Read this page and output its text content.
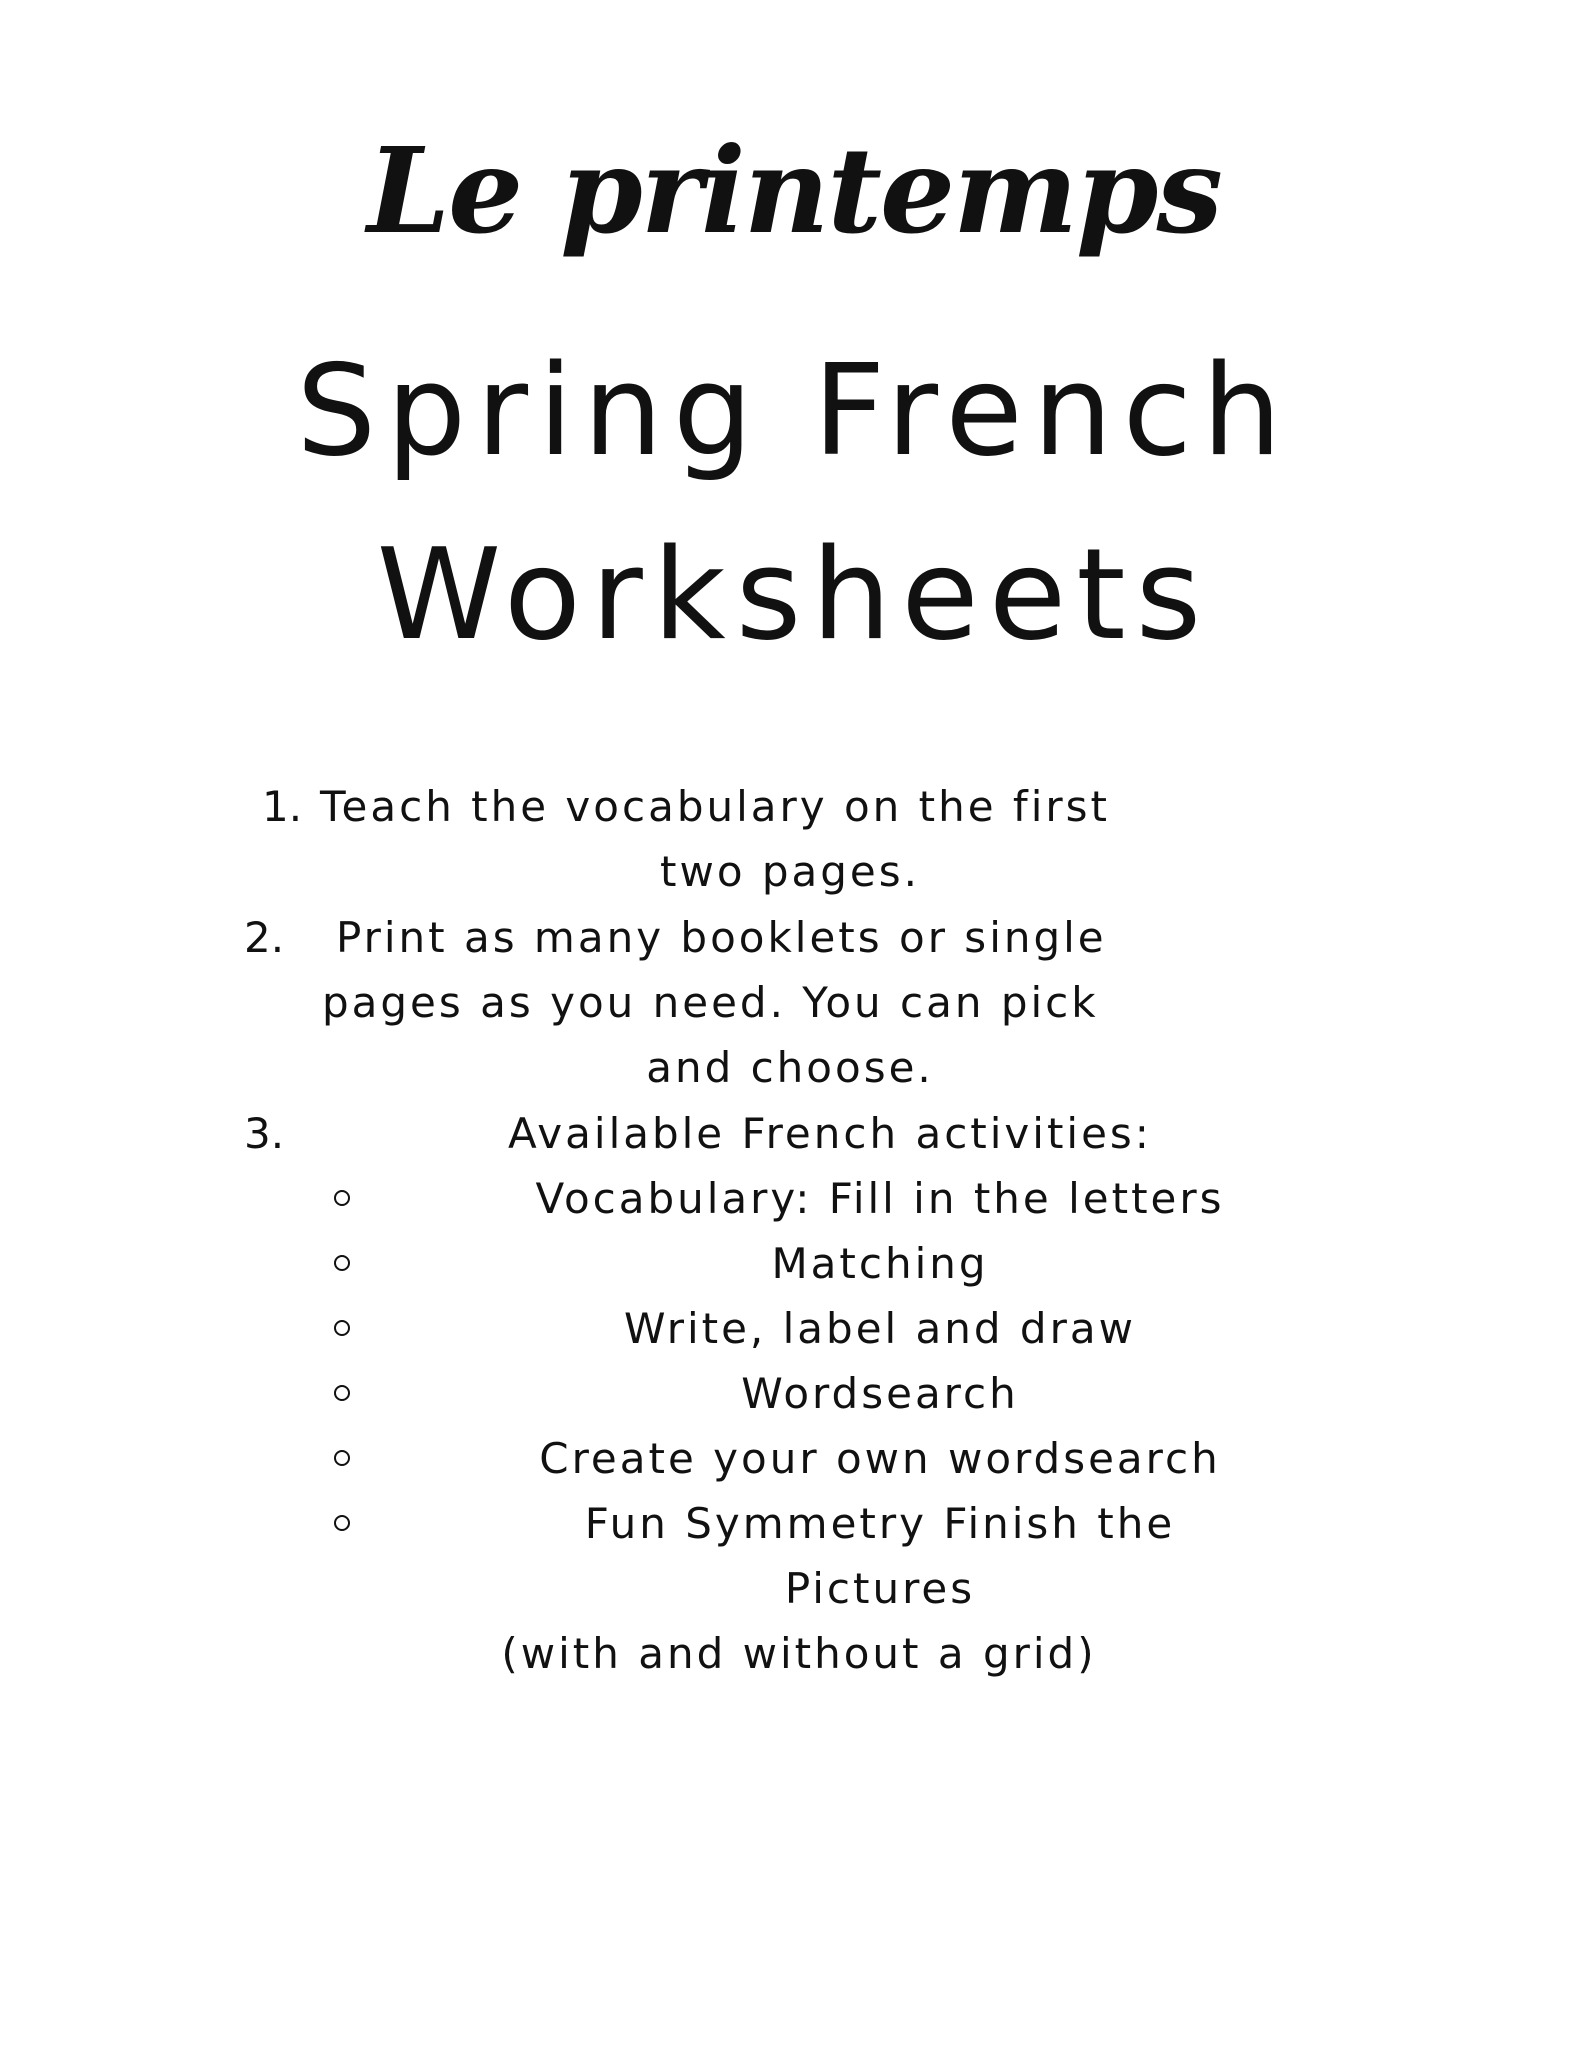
Le printemps
Spring French
Worksheets
1. Teach the vocabulary on the first
two pages.
2. Print as many booklets or single
pages as you need. You can pick
and choose.
3.	Available French activities:
Vocabulary: Fill in the letters
Matching
Write, label and draw
Wordsearch
Create your own wordsearch
Fun Symmetry Finish the
Pictures
(with and without a grid)
